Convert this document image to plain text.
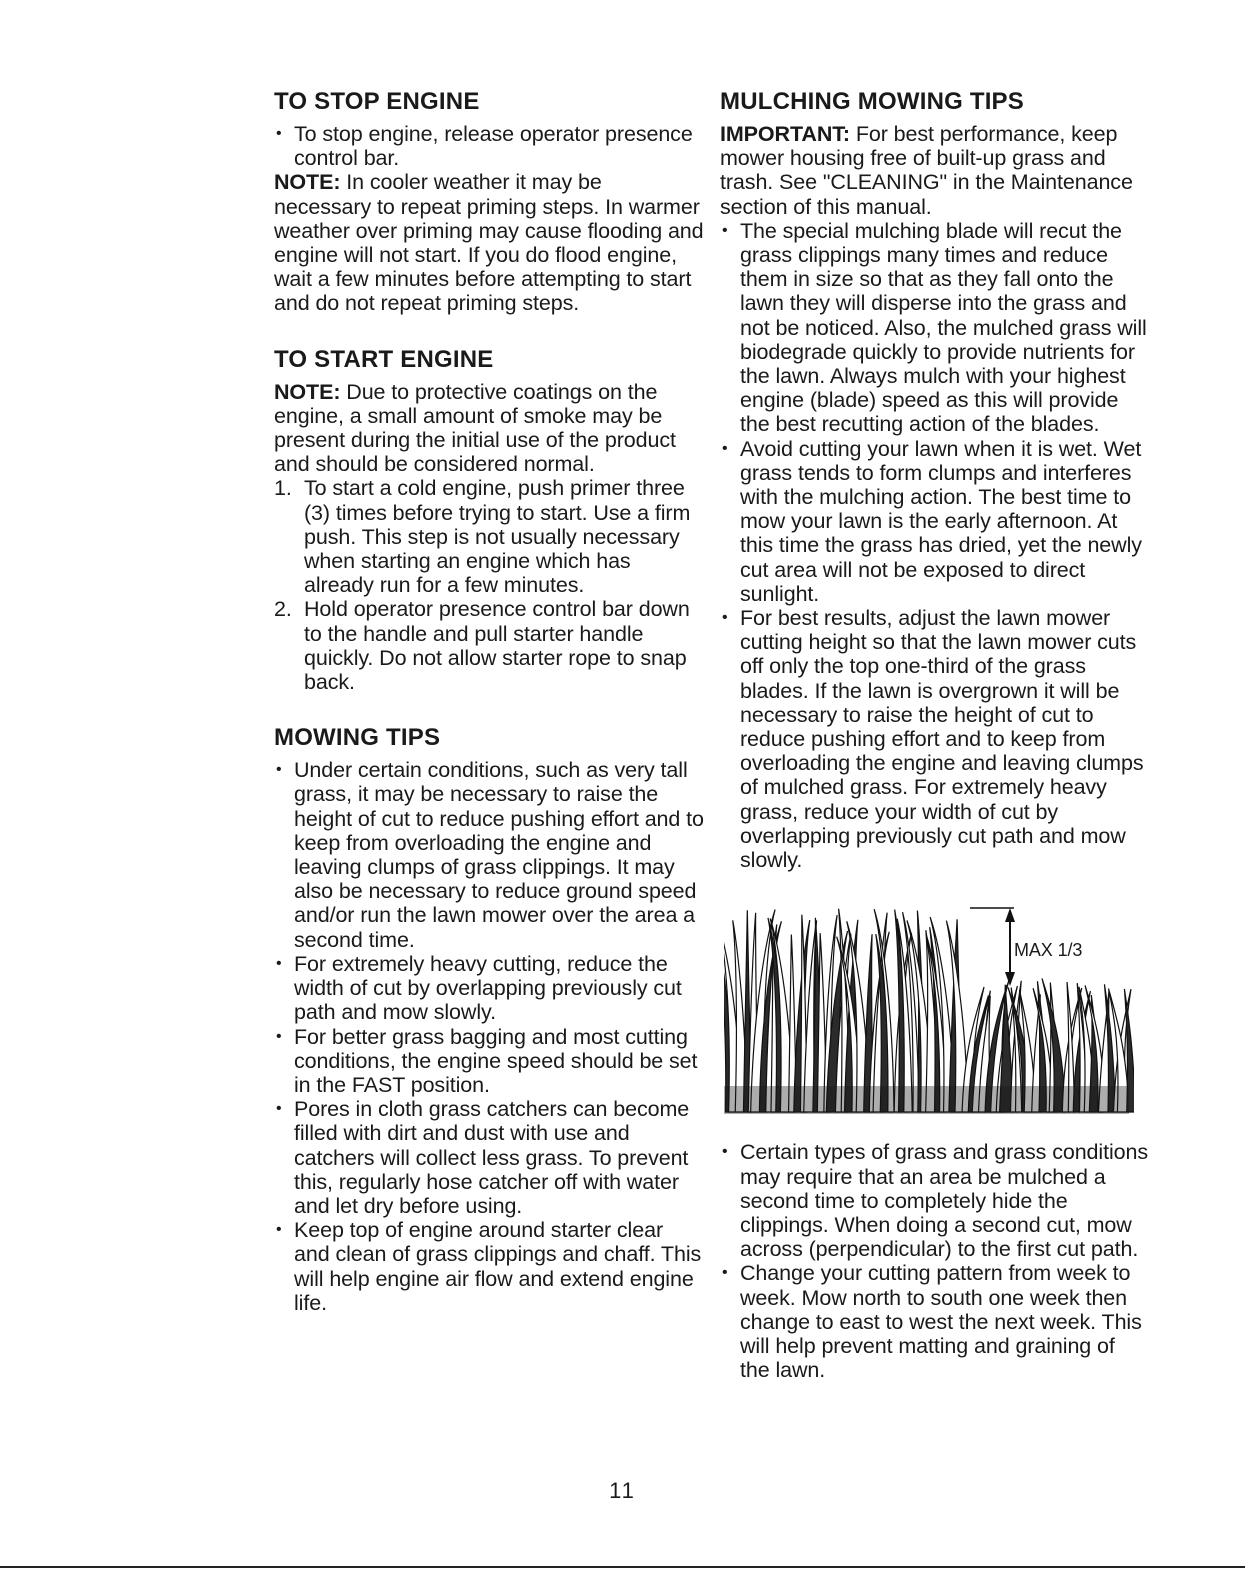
TO STOP ENGINE
• To stop engine, release operator presence control bar.

NOTE: In cooler weather it may be necessary to repeat priming steps. In warmer weather over priming may cause flooding and engine will not start. If you do flood engine, wait a few minutes before attempting to start and do not repeat priming steps.

TO START ENGINE

NOTE: Due to protective coatings on the engine, a small amount of smoke may be present during the initial use of the product and should be considered normal.

1. To start a cold engine, push primer three (3) times before trying to start. Use a firm push. This step is not usually necessary when starting an engine which has already run for a few minutes.
2. Hold operator presence control bar down to the handle and pull starter handle quickly. Do not allow starter rope to snap back.
MOWING TIPS
• Under certain conditions, such as very tall grass, it may be necessary to raise the height of cut to reduce pushing effort and to keep from overloading the engine and leaving clumps of grass clippings. It may also be necessary to reduce ground speed and/or run the lawn mower over the area a second time.
• For extremely heavy cutting, reduce the width of cut by overlapping previously cut path and mow slowly.
• For better grass bagging and most cutting conditions, the engine speed should be set in the FAST position.
• Pores in cloth grass catchers can become filled with dirt and dust with use and catchers will collect less grass. To prevent this, regularly hose catcher off with water and let dry before using.
• Keep top of engine around starter clear and clean of grass clippings and chaff. This will help engine air flow and extend engine life.
MULCHING MOWING TIPS

IMPORTANT: For best performance, keep mower housing free of built-up grass and trash. See "CLEANING" in the Maintenance section of this manual.

• The special mulching blade will recut the grass clippings many times and reduce them in size so that as they fall onto the lawn they will disperse into the grass and not be noticed. Also, the mulched grass will biodegrade quickly to provide nutrients for the lawn. Always mulch with your highest engine (blade) speed as this will provide the best recutting action of the blades.
• Avoid cutting your lawn when it is wet. Wet grass tends to form clumps and interferes with the mulching action. The best time to mow your lawn is the early afternoon. At this time the grass has dried, yet the newly cut area will not be exposed to direct sunlight.
• For best results, adjust the lawn mower cutting height so that the lawn mower cuts off only the top one-third of the grass blades. If the lawn is overgrown it will be necessary to raise the height of cut to reduce pushing effort and to keep from overloading the engine and leaving clumps of mulched grass. For extremely heavy grass, reduce your width of cut by overlapping previously cut path and mow slowly.
MAX 1/3
• Certain types of grass and grass conditions may require that an area be mulched a second time to completely hide the clippings. When doing a second cut, mow across (perpendicular) to the first cut path.
• Change your cutting pattern from week to week. Mow north to south one week then change to east to west the next week. This will help prevent matting and graining of the lawn.
11
